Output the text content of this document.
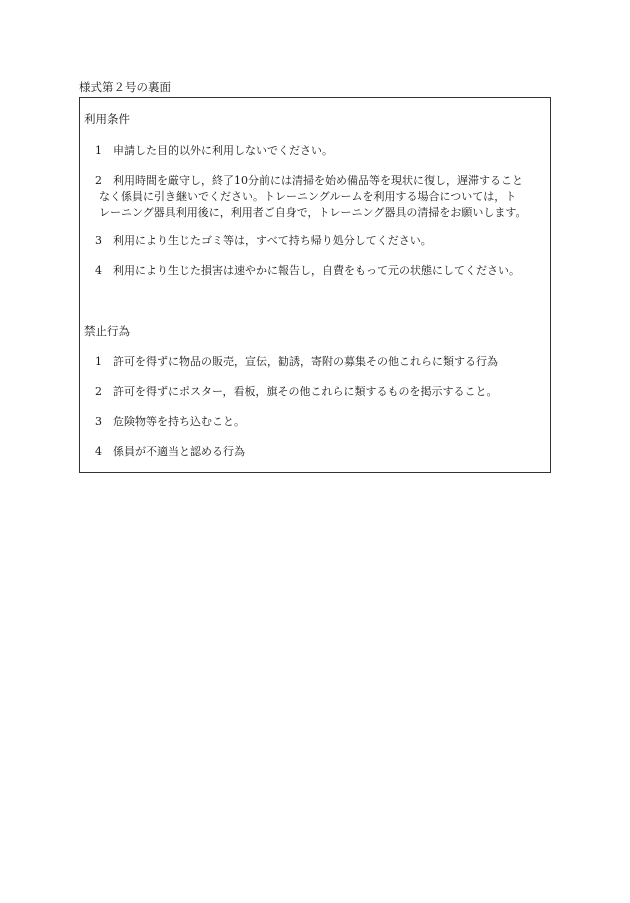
様式第２号の裏面
利用条件
1	申請した目的以外に利用しないでください。
2	利用時間を厳守し，終了10分前には清掃を始め備品等を現状に復し，遅滞すること
なく係員に引き継いでください。トレーニングルームを利用する場合については，ト
レーニング器具利用後に，利用者ご自身で，トレーニング器具の清掃をお願いします。
3	利用により生じたゴミ等は，すべて持ち帰り処分してください。
4	利用により生じた損害は速やかに報告し，自費をもって元の状態にしてください。
禁止行為
1	許可を得ずに物品の販売，宣伝，勧誘，寄附の募集その他これらに類する行為
2	許可を得ずにポスター，看板，旗その他これらに類するものを掲示すること。
3	危険物等を持ち込むこと。
4	係員が不適当と認める行為
